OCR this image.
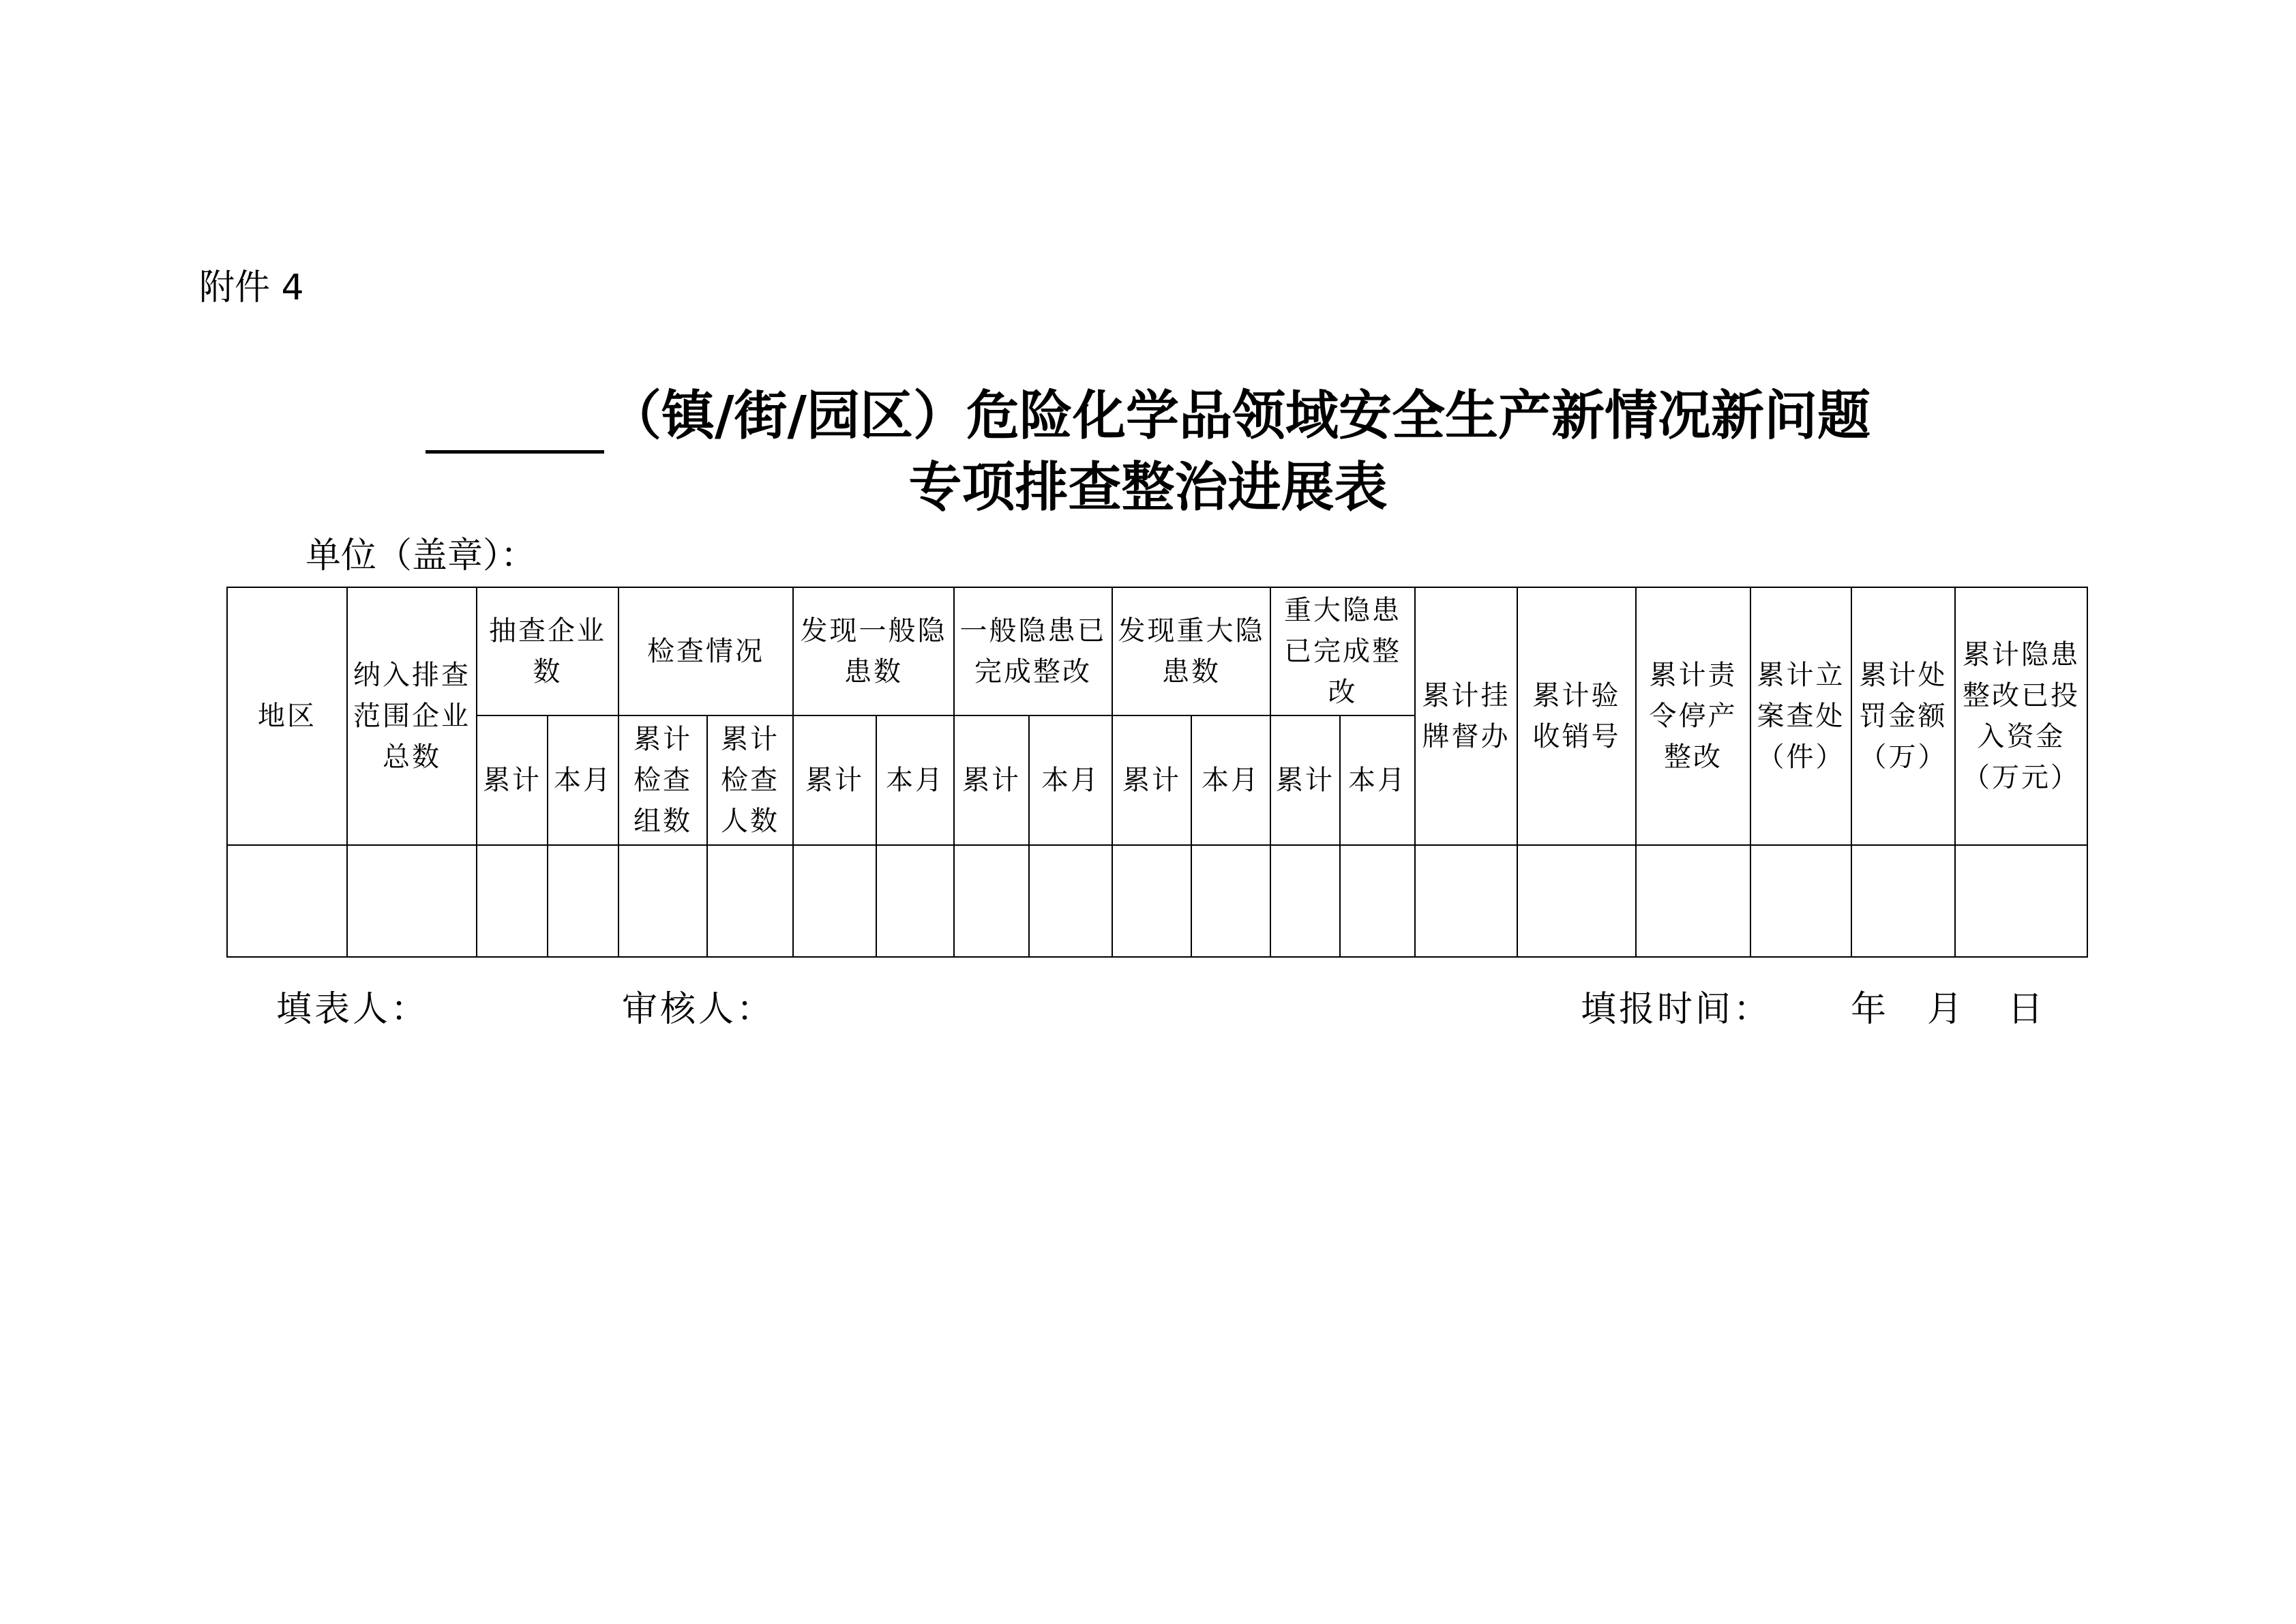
附件 4
（镇/街/园区）危险化学品领域安全生产新情况新问题
专项排查整治进展表
单位（盖章）：
地区	纳入排查范围企业总数	抽查企业数		检查情况		发现一般隐患数		一般隐患已完成整改		发现重大隐患数		重大隐患已完成整改		累计挂牌督办	累计验收销号	累计责令停产整改	累计立案查处（件）	累计处罚金额（万）	累计隐患整改已投入资金（万元）
		累计	本月	累计检查组数	累计检查人数	累计	本月	累计	本月	累计	本月	累计	本月						

填表人：	审核人：	填报时间： 年 月 日
